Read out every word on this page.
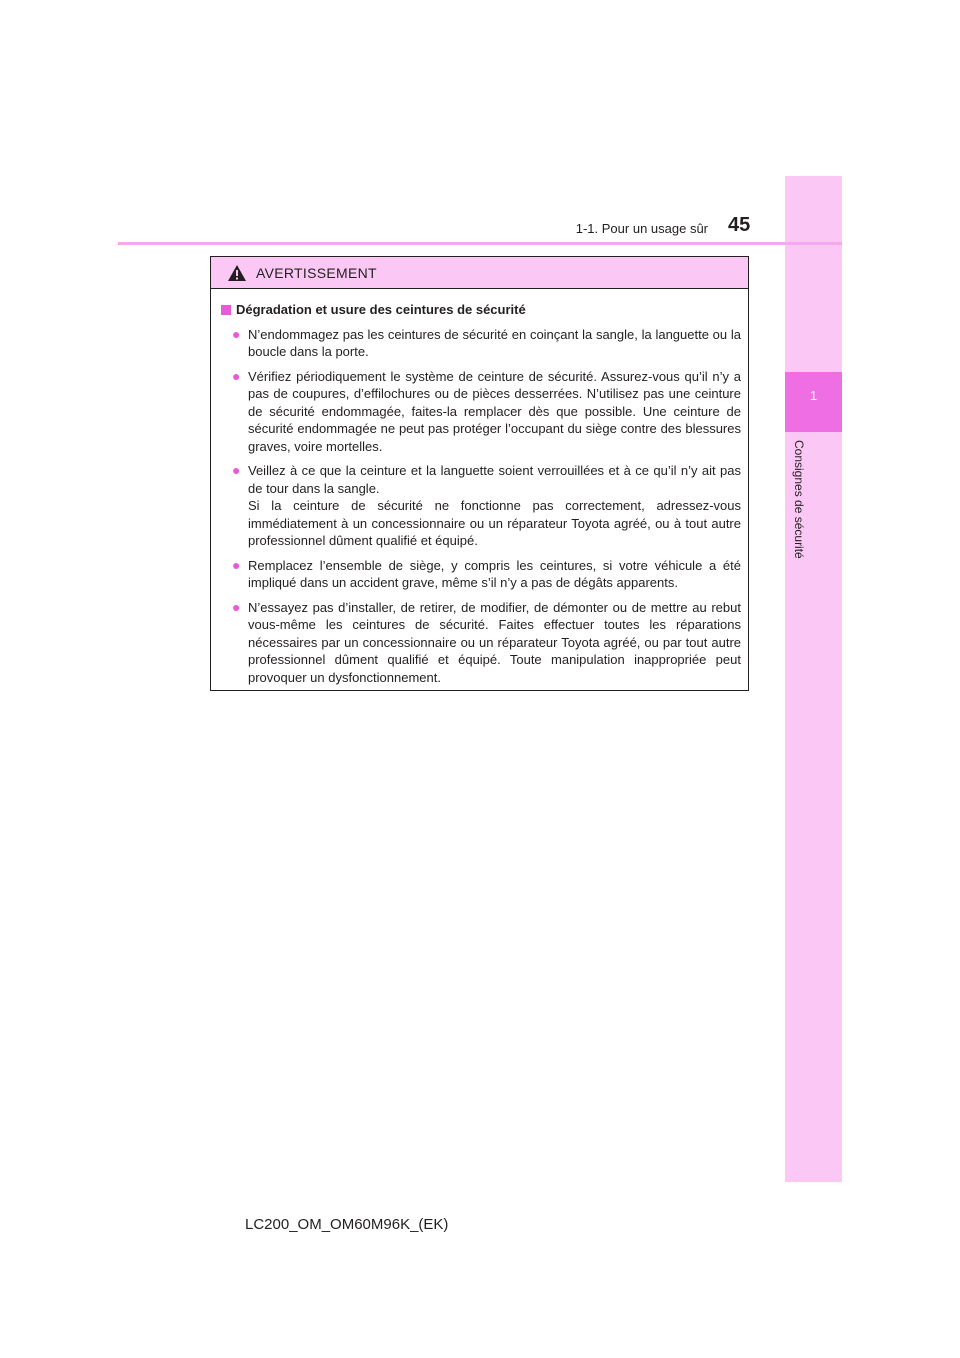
1
Consignes de sécurité
1-1. Pour un usage sûr 45
AVERTISSEMENT
Dégradation et usure des ceintures de sécurité
● N’endommagez pas les ceintures de sécurité en coinçant la sangle, la languette ou la boucle dans la porte.

● Vérifiez périodiquement le système de ceinture de sécurité. Assurez-vous qu’il n’y a pas de coupures, d’effilochures ou de pièces desserrées. N’utilisez pas une ceinture de sécurité endommagée, faites-la remplacer dès que possible. Une ceinture de sécurité endommagée ne peut pas protéger l’occupant du siège contre des blessures graves, voire mortelles.

● Veillez à ce que la ceinture et la languette soient verrouillées et à ce qu’il n’y ait pas de tour dans la sangle.

Si la ceinture de sécurité ne fonctionne pas correctement, adressez-vous immédiatement à un concessionnaire ou un réparateur Toyota agréé, ou à tout autre professionnel dûment qualifié et équipé.

● Remplacez l’ensemble de siège, y compris les ceintures, si votre véhicule a été impliqué dans un accident grave, même s’il n’y a pas de dégâts apparents.

● N’essayez pas d’installer, de retirer, de modifier, de démonter ou de mettre au rebut vous-même les ceintures de sécurité. Faites effectuer toutes les réparations nécessaires par un concessionnaire ou un réparateur Toyota agréé, ou par tout autre professionnel dûment qualifié et équipé. Toute manipulation inappropriée peut provoquer un dysfonctionnement.

LC200_OM_OM60M96K_(EK)
